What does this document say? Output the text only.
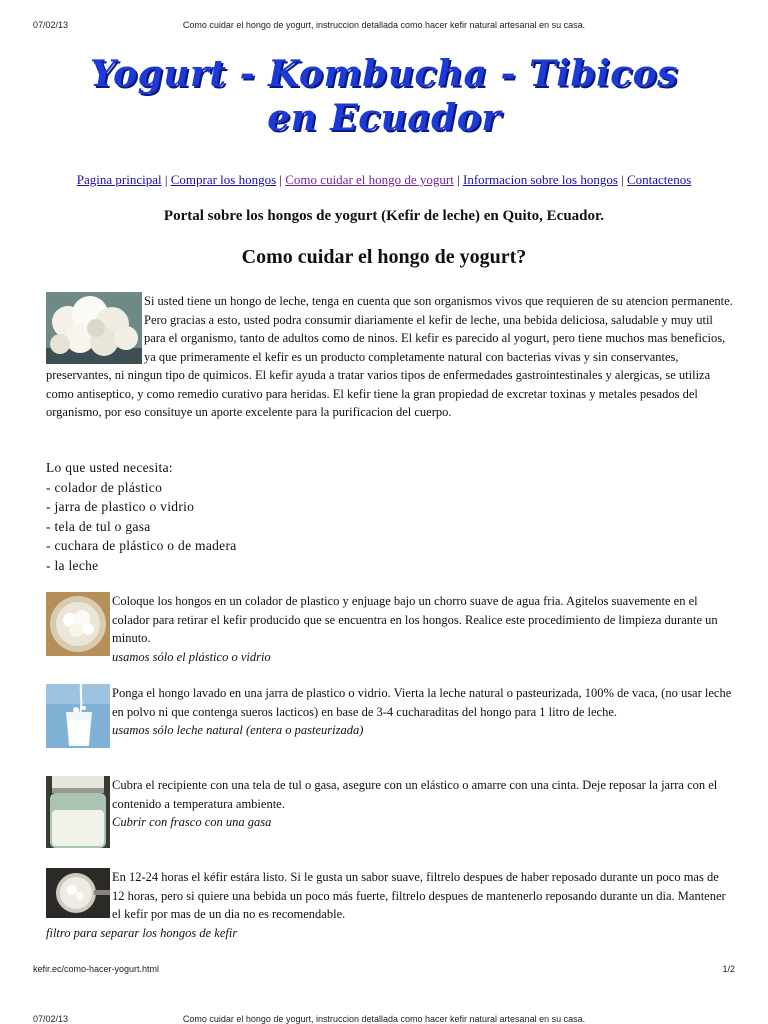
07/02/13	Como cuidar el hongo de yogurt, instruccion detallada como hacer kefir natural artesanal en su casa.
Yogurt - Kombucha - Tibicos
en Ecuador
Pagina principal | Comprar los hongos | Como cuidar el hongo de yogurt | Informacion sobre los hongos | Contactenos
Portal sobre los hongos de yogurt (Kefir de leche) en Quito, Ecuador.
Como cuidar el hongo de yogurt?

Si usted tiene un hongo de leche, tenga en cuenta que son organismos vivos que requieren de su atencion permanente. Pero gracias a esto, usted podra consumir diariamente el kefir de leche, una bebida deliciosa, saludable y muy util para el organismo, tanto de adultos como de ninos. El kefir es parecido al yogurt, pero tiene muchos mas beneficios, ya que primeramente el kefir es un producto completamente natural con bacterias vivas y sin conservantes, preservantes, ni ningun tipo de quimicos. El kefir ayuda a tratar varios tipos de enfermedades gastrointestinales y alergicas, se utiliza como antiseptico, y como remedio curativo para heridas. El kefir tiene la gran propiedad de excretar toxinas y metales pesados del organismo, por eso consituye un aporte excelente para la purificacion del cuerpo.

Lo que usted necesita:
- colador de plástico
- jarra de plastico o vidrio
- tela de tul o gasa
- cuchara de plástico o de madera
- la leche

Coloque los hongos en un colador de plastico y enjuage bajo un chorro suave de agua fria. Agitelos suavemente en el colador para retirar el kefir producido que se encuentra en los hongos. Realice este procedimiento de limpieza durante un minuto.

usamos sólo el plástico o vidrio

Ponga el hongo lavado en una jarra de plastico o vidrio. Vierta la leche natural o pasteurizada, 100% de vaca, (no usar leche en polvo ni que contenga sueros lacticos) en base de 3-4 cucharaditas del hongo para 1 litro de leche.

usamos sólo leche natural (entera o pasteurizada)

Cubra el recipiente con una tela de tul o gasa, asegure con un elástico o amarre con una cinta. Deje reposar la jarra con el contenido a temperatura ambiente.

Cubrir con frasco con una gasa

En 12-24 horas el kéfir estára listo. Si le gusta un sabor suave, filtrelo despues de haber reposado durante un poco mas de 12 horas, pero si quiere una bebida un poco más fuerte, filtrelo despues de mantenerlo reposando durante un dia. Mantener el kefir por mas de un dia no es recomendable.

filtro para separar los hongos de kefir

kefir.ec/como-hacer-yogurt.html	1/2
07/02/13	Como cuidar el hongo de yogurt, instruccion detallada como hacer kefir natural artesanal en su casa.
